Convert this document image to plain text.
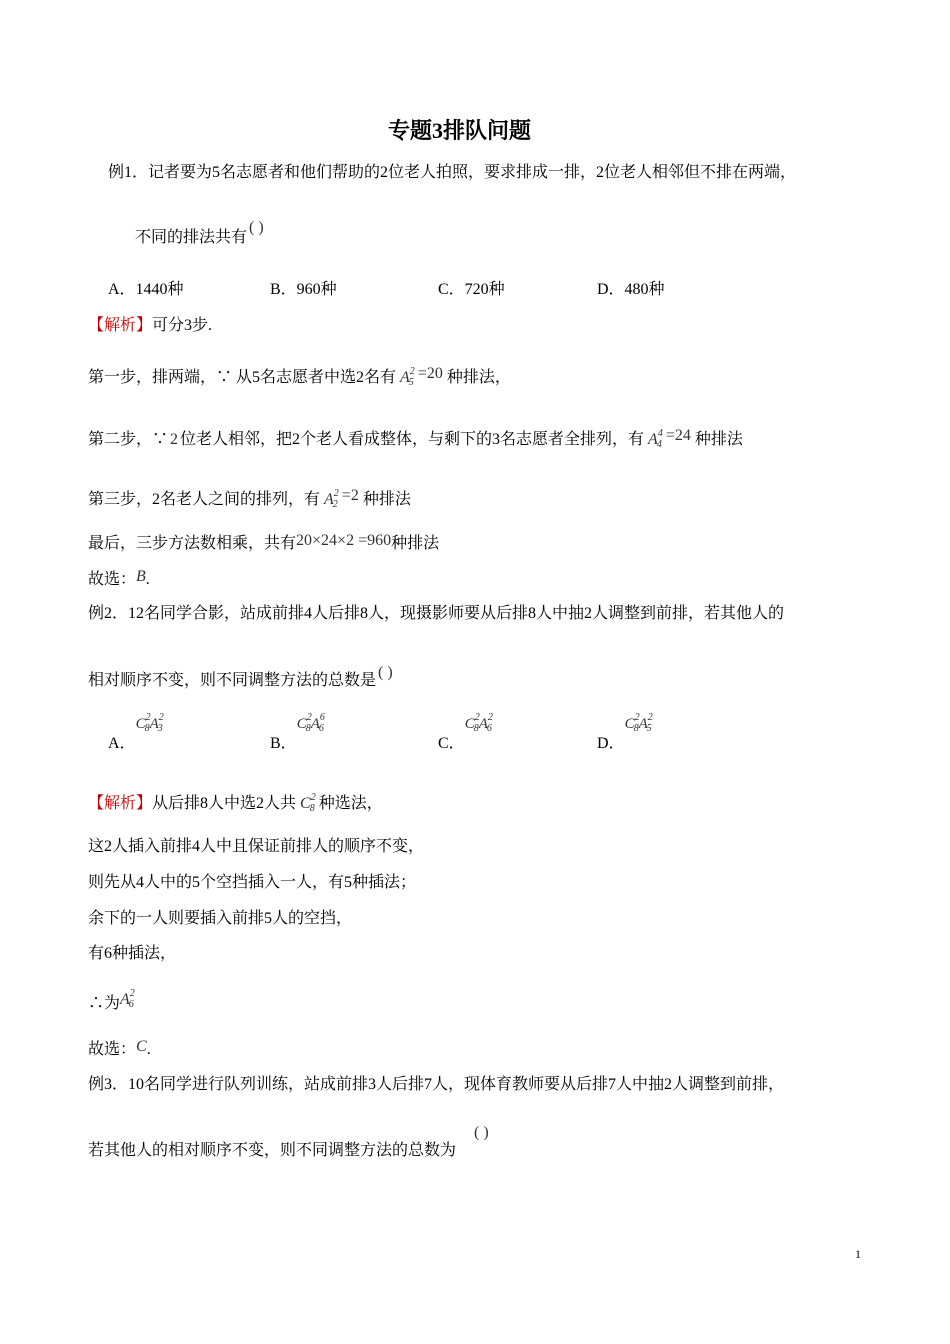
专题3排队问题
例1．记者要为5名志愿者和他们帮助的2位老人拍照，要求排成一排，2位老人相邻但不排在两端，
不同的排法共有( )
A．1440种	B．960种	C．720种	D．480种
【解析】可分3步.
第一步，排两端，∵ 从5名志愿者中选2名有 $A^25=20$ 种排法，
第二步，∵ 2 位老人相邻，把2个老人看成整体，与剩下的3名志愿者全排列，有 $A^44=24$ 种排法
第三步，2名老人之间的排列，有 $A^22=2$ 种排法
最后，三步方法数相乘，共有20×24×2 =960种排法
故选：B.
例2．12名同学合影，站成前排4人后排8人，现摄影师要从后排8人中抽2人调整到前排，若其他人的
相对顺序不变，则不同调整方法的总数是 ( )
A．$C^2_8A^2_3$
B．$C^2_8A^6_6$
C．$C^2_8A^2_6$
D．$C^2_8A^2_5$
【解析】从后排8人中选2人共 $C^28$ 种选法，
这2人插入前排4人中且保证前排人的顺序不变，
则先从4人中的5个空挡插入一人，有5种插法；
余下的一人则要插入前排5人的空挡，
有6种插法，
∴为$A^26$
故选：C.
例3．10名同学进行队列训练，站成前排3人后排7人，现体育教师要从后排7人中抽2人调整到前排，
( )
若其他人的相对顺序不变，则不同调整方法的总数为
1
